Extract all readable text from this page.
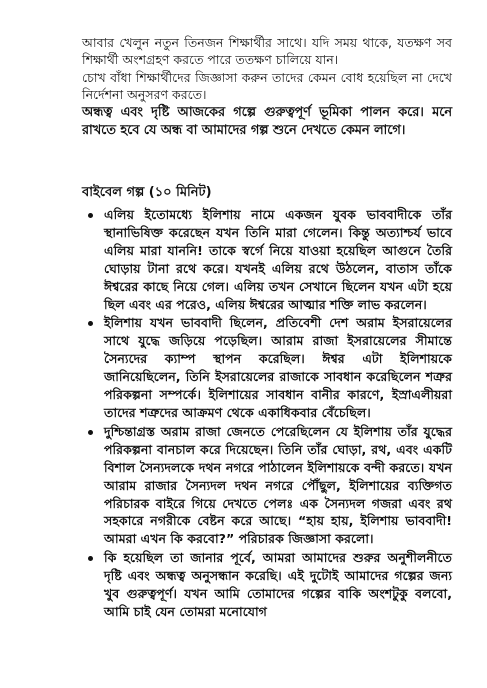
আবার খেলুন নতুন তিনজন শিক্ষার্থীর সাথে। যদি সময় থাকে, যতক্ষণ সব শিক্ষার্থী অংশগ্রহণ করতে পারে ততক্ষণ চালিয়ে যান।

চোখ বাঁধা শিক্ষার্থীদের জিজ্ঞাসা করুন তাদের কেমন বোধ হয়েছিল না দেখে নির্দেশনা অনুসরণ করতে।

অন্ধত্ব এবং দৃষ্টি আজকের গল্পে গুরুত্বপূর্ণ ভূমিকা পালন করে। মনে রাখতে হবে যে অন্ধ বা আমাদের গল্প শুনে দেখতে কেমন লাগে।

বাইবেল গল্প (১০ মিনিট)
এলিয় ইতোমধ্যে ইলিশায় নামে একজন যুবক ভাববাদীকে তাঁর স্থানাভিষিক্ত করেছেন যখন তিনি মারা গেলেন। কিন্তু অত্যাশ্চর্য ভাবে এলিয় মারা যাননি! তাকে স্বর্গে নিয়ে যাওয়া হয়েছিল আগুনে তৈরি ঘোড়ায় টানা রথে করে। যখনই এলিয় রথে উঠলেন, বাতাস তাঁকে ঈশ্বরের কাছে নিয়ে গেল। এলিয় তখন সেখানে ছিলেন যখন এটা হয়ে ছিল এবং এর পরেও, এলিয় ঈশ্বরের আত্মার শক্তি লাভ করলেন।
ইলিশায় যখন ভাববাদী ছিলেন, প্রতিবেশী দেশ অরাম ইসরায়েলের সাথে যুদ্ধে জড়িয়ে পড়েছিল। আরাম রাজা ইসরায়েলের সীমান্তে সৈন্যদের ক্যাম্প স্থাপন করেছিল। ঈশ্বর এটা ইলিশায়কে জানিয়েছিলেন, তিনি ইসরায়েলের রাজাকে সাবধান করেছিলেন শত্রুর পরিকল্পনা সম্পর্কে। ইলিশায়ের সাবধান বানীর কারণে, ইস্রাএলীয়রা তাদের শত্রুদের আক্রমণ থেকে একাধিকবার বেঁচেছিল।
দুশ্চিন্তাগ্রস্ত অরাম রাজা জেনতে পেরেছিলেন যে ইলিশায় তাঁর যুদ্ধের পরিকল্পনা বানচাল করে দিয়েছেন। তিনি তাঁর ঘোড়া, রথ, এবং একটি বিশাল সৈন্যদলকে দথন নগরে পাঠালেন ইলিশায়কে বন্দী করতে। যখন আরাম রাজার সৈন্যদল দথন নগরে পৌঁছুল, ইলিশায়ের ব্যক্তিগত পরিচারক বাইরে গিয়ে দেখতে পেলঃ এক সৈন্যদল গজরা এবং রথ সহকারে নগরীকে বেষ্টন করে আছে। “হায় হায়, ইলিশায় ভাববাদী! আমরা এখন কি করবো?” পরিচারক জিজ্ঞাসা করলো।
কি হয়েছিল তা জানার পূর্বে, আমরা আমাদের শুরুর অনুশীলনীতে দৃষ্টি এবং অন্ধত্ব অনুসন্ধান করেছি। এই দুটোই আমাদের গল্পের জন্য খুব গুরুত্বপূর্ণ। যখন আমি তোমাদের গল্পের বাকি অংশটুকু বলবো, আমি চাই যেন তোমরা মনোযোগ
